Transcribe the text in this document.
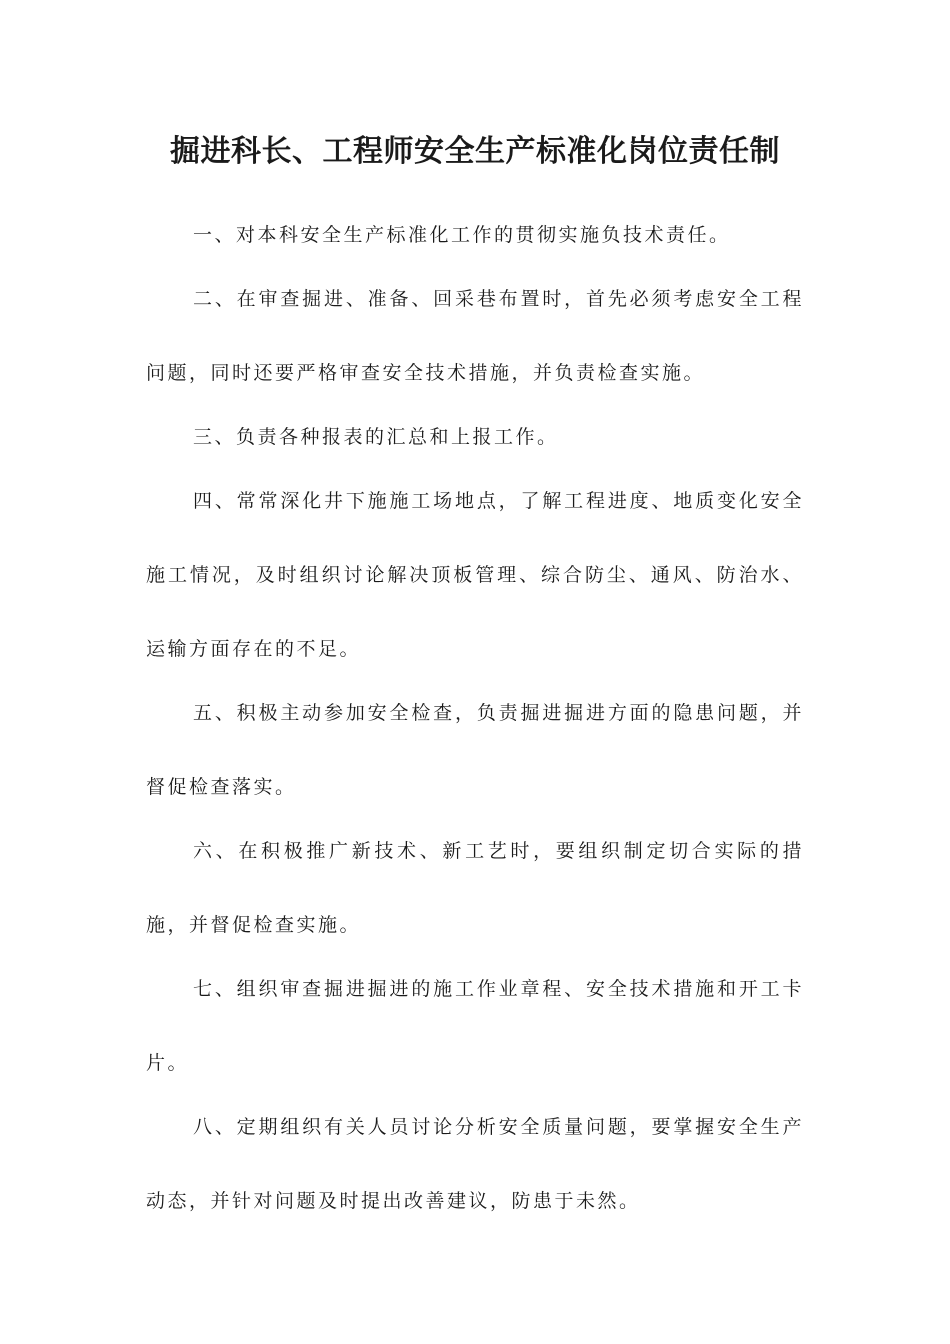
掘进科长、工程师安全生产标准化岗位责任制

一、对本科安全生产标准化工作的贯彻实施负技术责任。

二、在审查掘进、准备、回采巷布置时，首先必须考虑安全工程问题，同时还要严格审查安全技术措施，并负责检查实施。

三、负责各种报表的汇总和上报工作。

四、常常深化井下施施工场地点，了解工程进度、地质变化安全施工情况，及时组织讨论解决顶板管理、综合防尘、通风、防治水、运输方面存在的不足。

五、积极主动参加安全检查，负责掘进掘进方面的隐患问题，并督促检查落实。

六、在积极推广新技术、新工艺时，要组织制定切合实际的措施，并督促检查实施。

七、组织审查掘进掘进的施工作业章程、安全技术措施和开工卡片。

八、定期组织有关人员讨论分析安全质量问题，要掌握安全生产动态，并针对问题及时提出改善建议，防患于未然。
